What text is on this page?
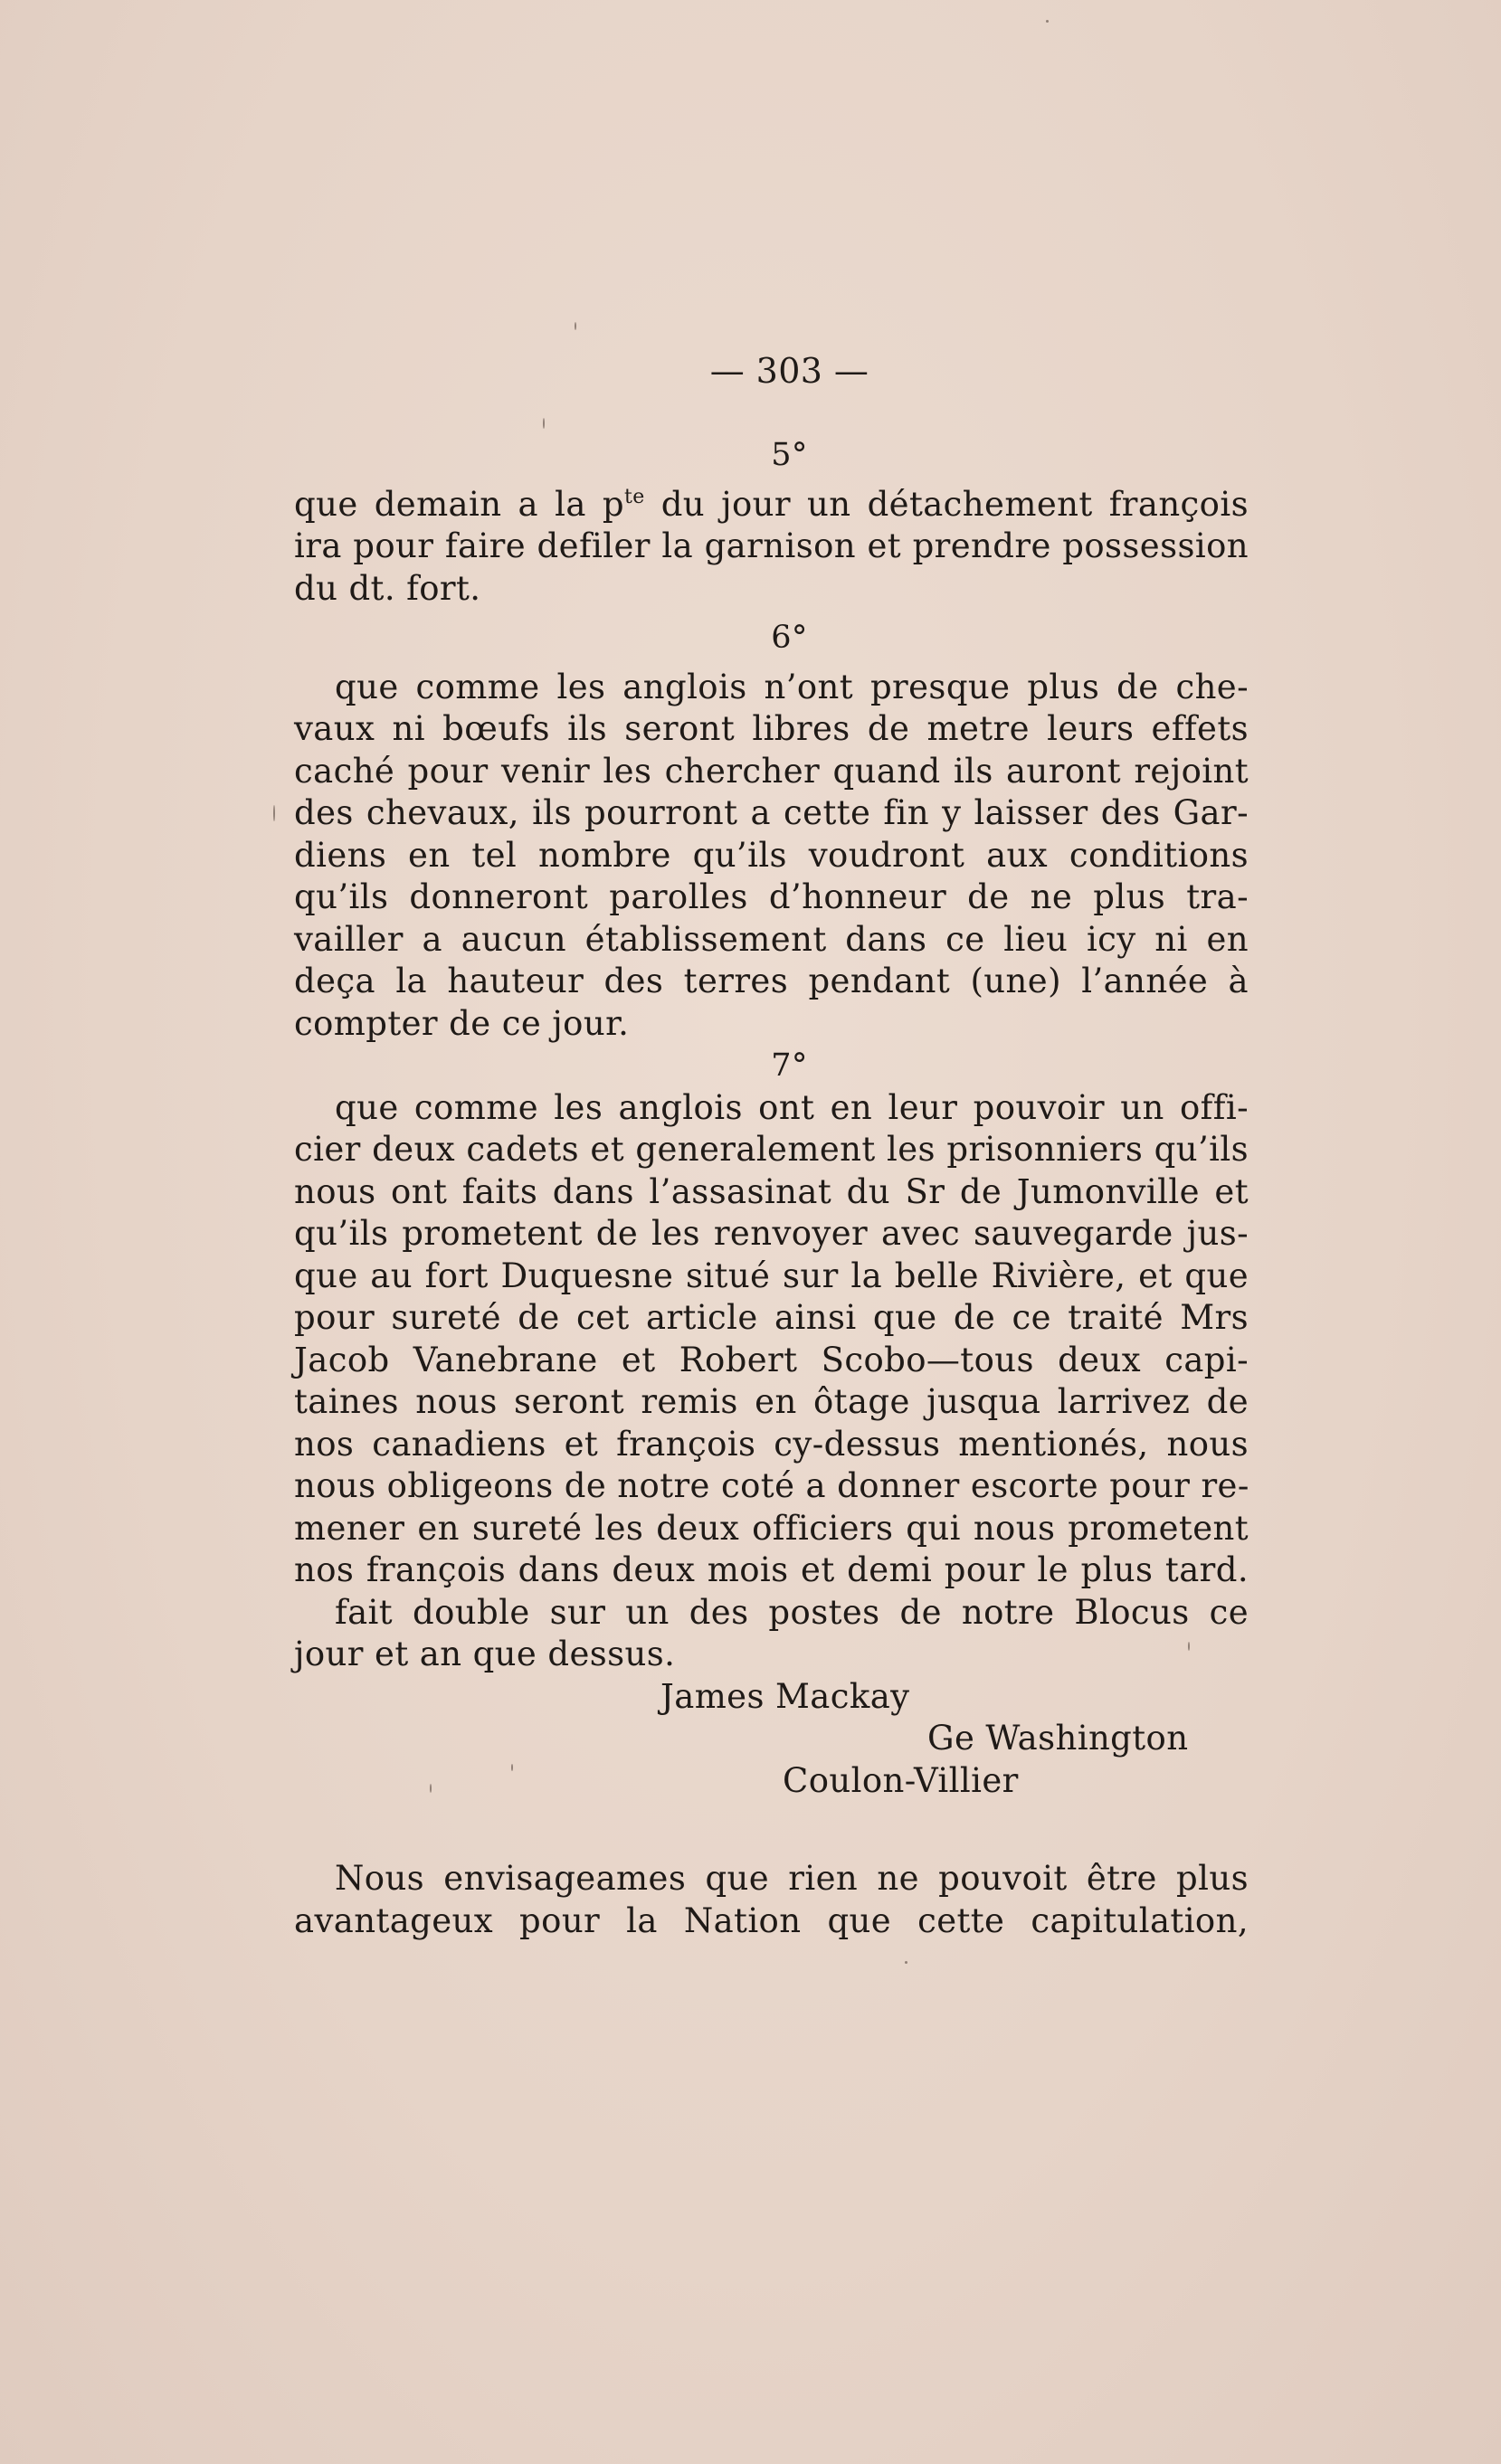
— 303 —
5°
que demain a la $p^{te}$ du jour un détachement françois
ira pour faire defiler la garnison et prendre possession
du dt. fort.
6°
que comme les anglois n’ont presque plus de che-
vaux ni bœufs ils seront libres de metre leurs effets
caché pour venir les chercher quand ils auront rejoint
des chevaux, ils pourront a cette fin y laisser des Gar-
diens en tel nombre qu’ils voudront aux conditions
qu’ils donneront parolles d’honneur de ne plus tra-
vailler a aucun établissement dans ce lieu icy ni en
deça la hauteur des terres pendant (une) l’année à
compter de ce jour.
7°
que comme les anglois ont en leur pouvoir un offi-
cier deux cadets et generalement les prisonniers qu’ils
nous ont faits dans l’assasinat du Sr de Jumonville et
qu’ils prometent de les renvoyer avec sauvegarde jus-
que au fort Duquesne situé sur la belle Rivière, et que
pour sureté de cet article ainsi que de ce traité Mrs
Jacob Vanebrane et Robert Scobo—tous deux capi-
taines nous seront remis en ôtage jusqua larrivez de
nos canadiens et françois cy-dessus mentionés, nous
nous obligeons de notre coté a donner escorte pour re-
mener en sureté les deux officiers qui nous prometent
nos françois dans deux mois et demi pour le plus tard.
fait double sur un des postes de notre Blocus ce
jour et an que dessus.
James Mackay
Ge Washington
Coulon-Villier
Nous envisageames que rien ne pouvoit être plus
avantageux pour la Nation que cette capitulation,
